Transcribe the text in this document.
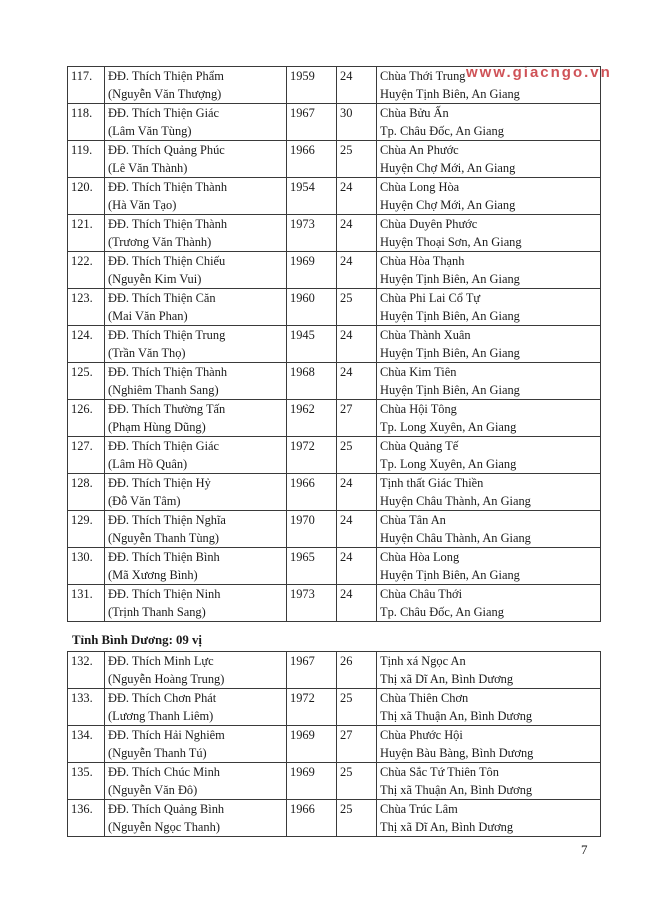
www.giacngo.vn
117.	ĐĐ. Thích Thiện Phẩm
(Nguyễn Văn Thượng)	1959	24	Chùa Thới Trung
Huyện Tịnh Biên, An Giang

118.	ĐĐ. Thích Thiện Giác
(Lâm Văn Tùng)	1967	30	Chùa Bửu Ấn
Tp. Châu Đốc, An Giang

119.	ĐĐ. Thích Quảng Phúc
(Lê Văn Thành)	1966	25	Chùa An Phước
Huyện Chợ Mới, An Giang

120.	ĐĐ. Thích Thiện Thành
(Hà Văn Tạo)	1954	24	Chùa Long Hòa
Huyện Chợ Mới, An Giang

121.	ĐĐ. Thích Thiện Thành
(Trương Văn Thành)	1973	24	Chùa Duyên Phước
Huyện Thoại Sơn, An Giang

122.	ĐĐ. Thích Thiện Chiếu
(Nguyễn Kim Vui)	1969	24	Chùa Hòa Thạnh
Huyện Tịnh Biên, An Giang

123.	ĐĐ. Thích Thiện Căn
(Mai Văn Phan)	1960	25	Chùa Phi Lai Cổ Tự
Huyện Tịnh Biên, An Giang

124.	ĐĐ. Thích Thiện Trung
(Trần Văn Thọ)	1945	24	Chùa Thành Xuân
Huyện Tịnh Biên, An Giang

125.	ĐĐ. Thích Thiện Thành
(Nghiêm Thanh Sang)	1968	24	Chùa Kim Tiên
Huyện Tịnh Biên, An Giang

126.	ĐĐ. Thích Thường Tấn
(Phạm Hùng Dũng)	1962	27	Chùa Hội Tông
Tp. Long Xuyên, An Giang

127.	ĐĐ. Thích Thiện Giác
(Lâm Hồ Quân)	1972	25	Chùa Quảng Tế
Tp. Long Xuyên, An Giang

128.	ĐĐ. Thích Thiện Hỷ
(Đỗ Văn Tâm)	1966	24	Tịnh thất Giác Thiền
Huyện Châu Thành, An Giang

129.	ĐĐ. Thích Thiện Nghĩa
(Nguyễn Thanh Tùng)	1970	24	Chùa Tân An
Huyện Châu Thành, An Giang

130.	ĐĐ. Thích Thiện Bình
(Mã Xương Bình)	1965	24	Chùa Hòa Long
Huyện Tịnh Biên, An Giang

131.	ĐĐ. Thích Thiện Ninh
(Trịnh Thanh Sang)	1973	24	Chùa Châu Thới
Tp. Châu Đốc, An Giang
Tỉnh Bình Dương: 09 vị
132.	ĐĐ. Thích Minh Lực
(Nguyễn Hoàng Trung)	1967	26	Tịnh xá Ngọc An
Thị xã Dĩ An, Bình Dương

133.	ĐĐ. Thích Chơn Phát
(Lương Thanh Liêm)	1972	25	Chùa Thiên Chơn
Thị xã Thuận An, Bình Dương

134.	ĐĐ. Thích Hải Nghiêm
(Nguyễn Thanh Tú)	1969	27	Chùa Phước Hội
Huyện Bàu Bàng, Bình Dương

135.	ĐĐ. Thích Chúc Minh
(Nguyễn Văn Đô)	1969	25	Chùa Sắc Tứ Thiên Tôn
Thị xã Thuận An, Bình Dương

136.	ĐĐ. Thích Quảng Bình
(Nguyễn Ngọc Thanh)	1966	25	Chùa Trúc Lâm
Thị xã Dĩ An, Bình Dương
7
